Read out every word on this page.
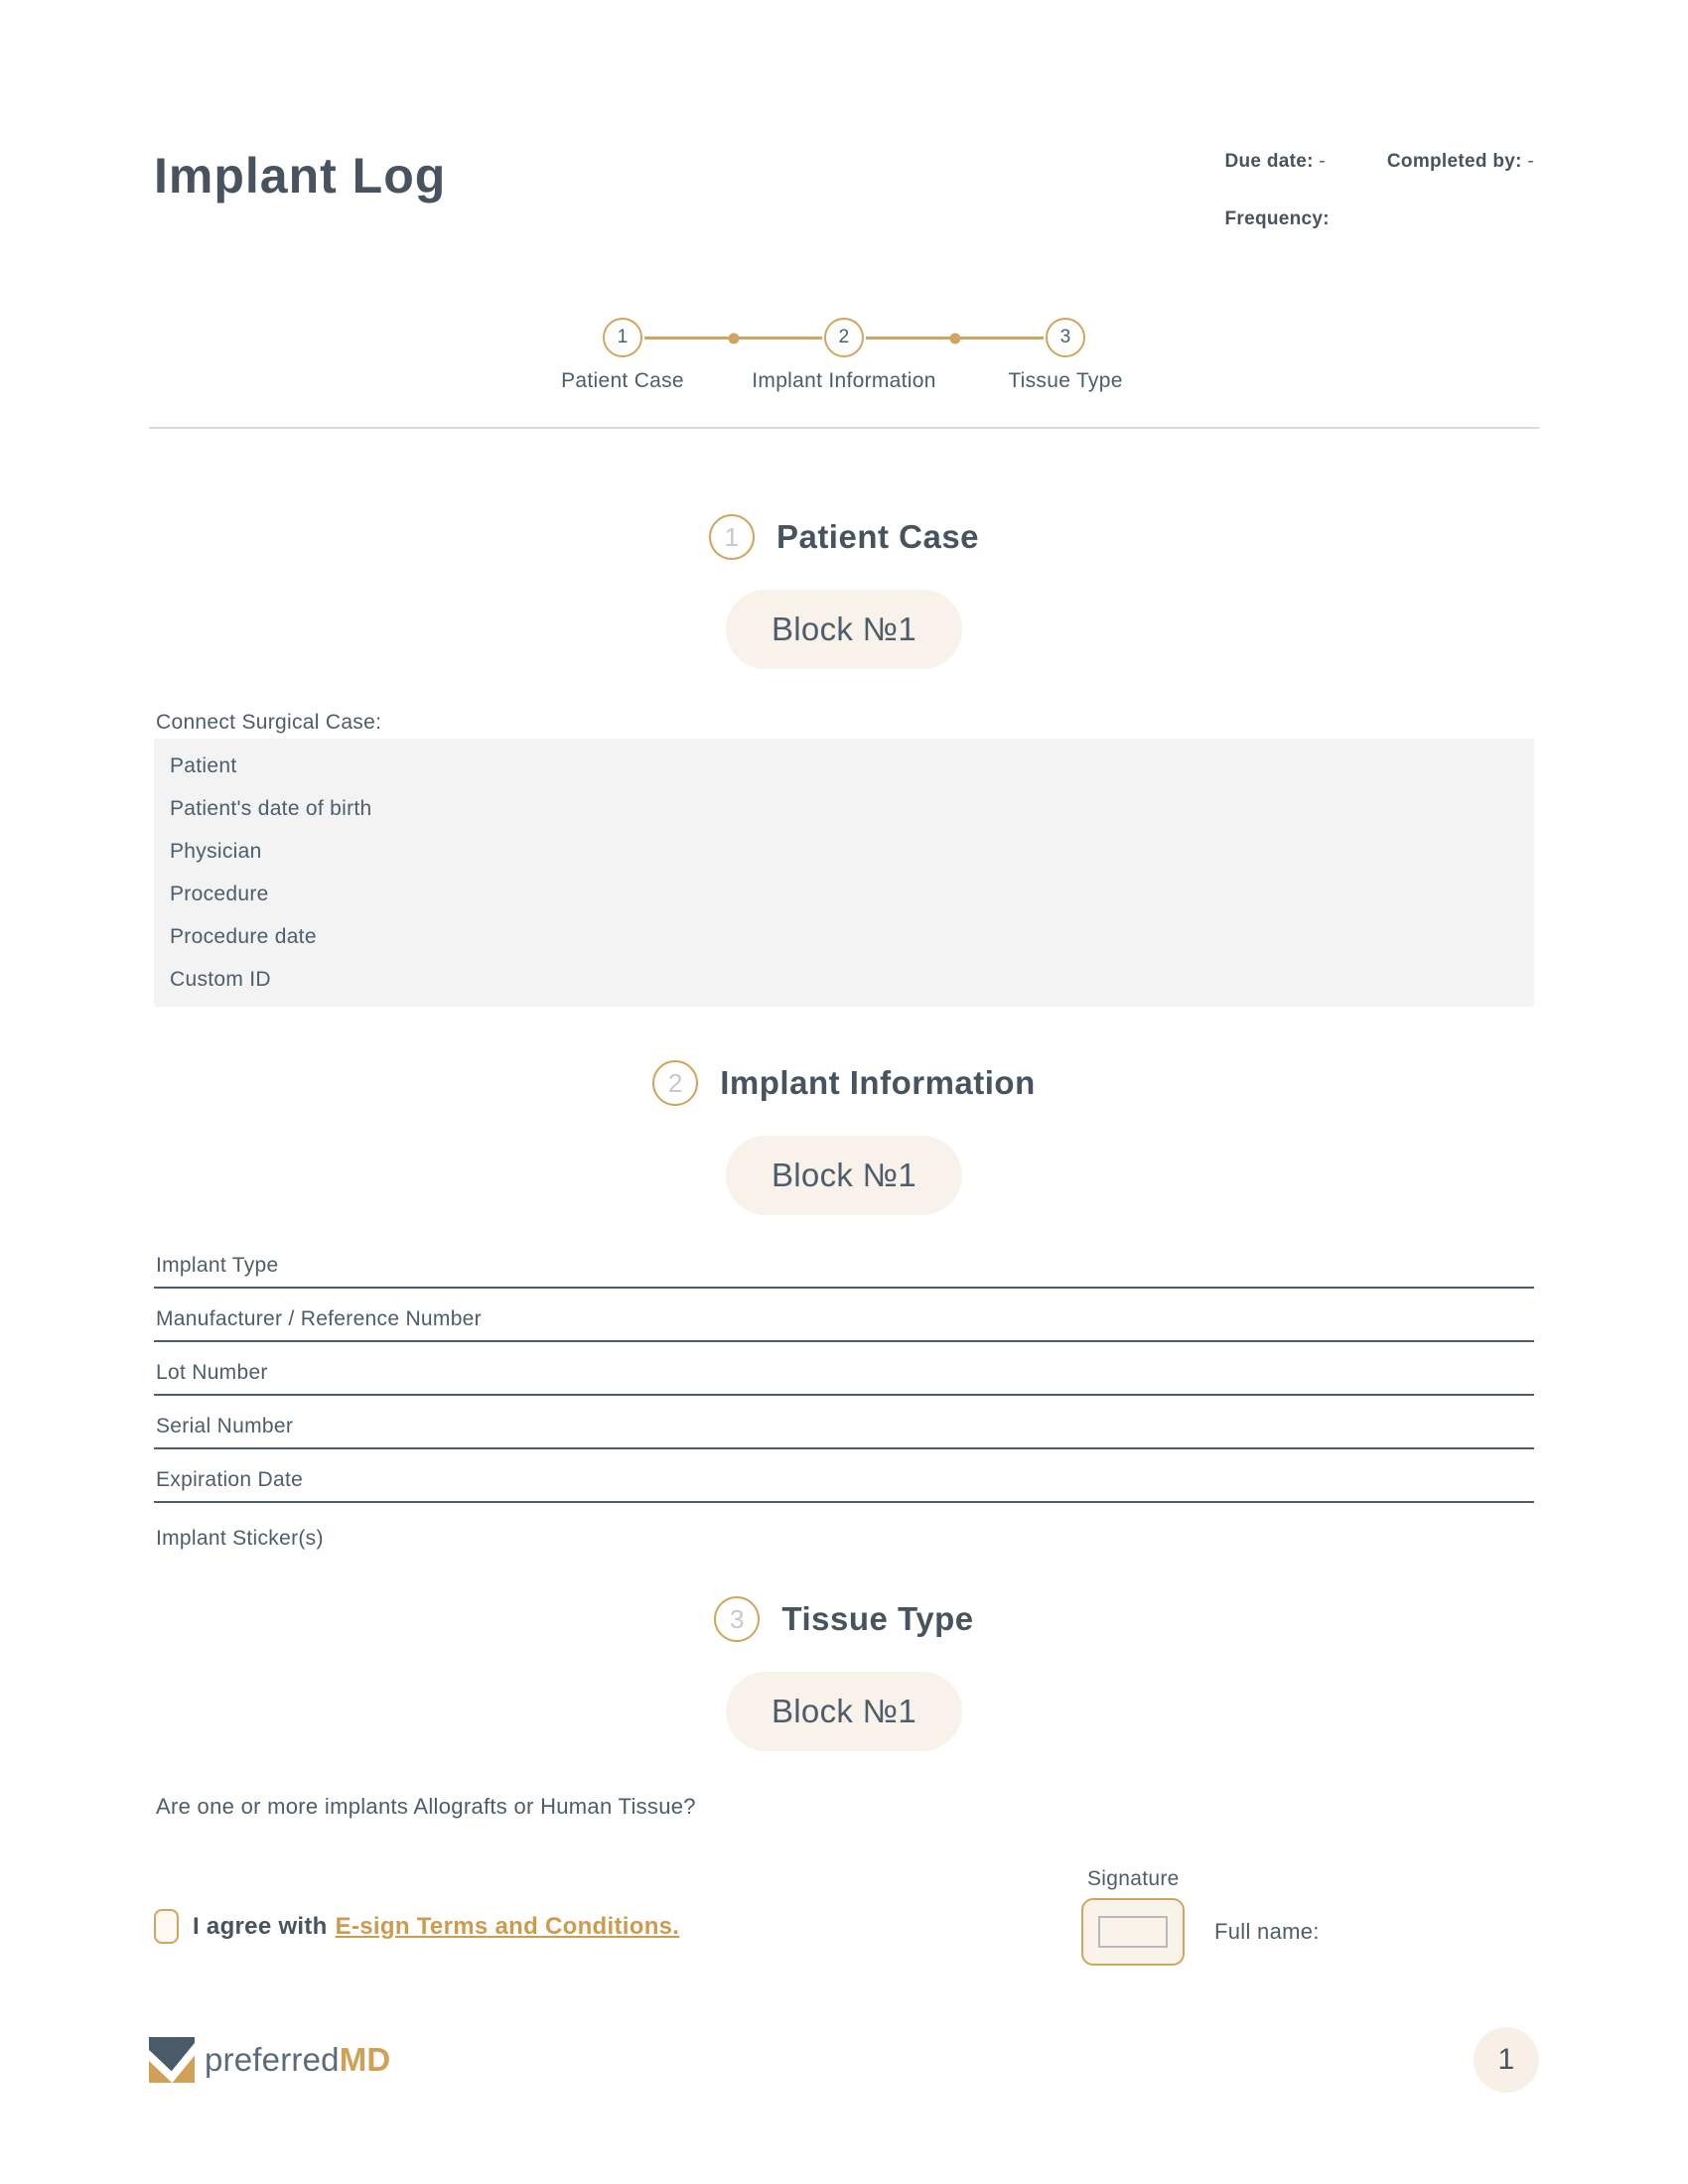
Implant Log	Due date: -	Completed by: -
Frequency:
1	2	3
Patient Case	Implant Information	Tissue Type
1	Patient Case
Block №1
Connect Surgical Case:
Patient
Patient's date of birth
Physician
Procedure
Procedure date
Custom ID
2	Implant Information
Block №1
Implant Type
Manufacturer / Reference Number
Lot Number
Serial Number
Expiration Date
Implant Sticker(s)
3	Tissue Type
Block №1
Are one or more implants Allografts or Human Tissue?
I agree with E-sign Terms and Conditions.
Signature
Full name:
preferredMD	1
